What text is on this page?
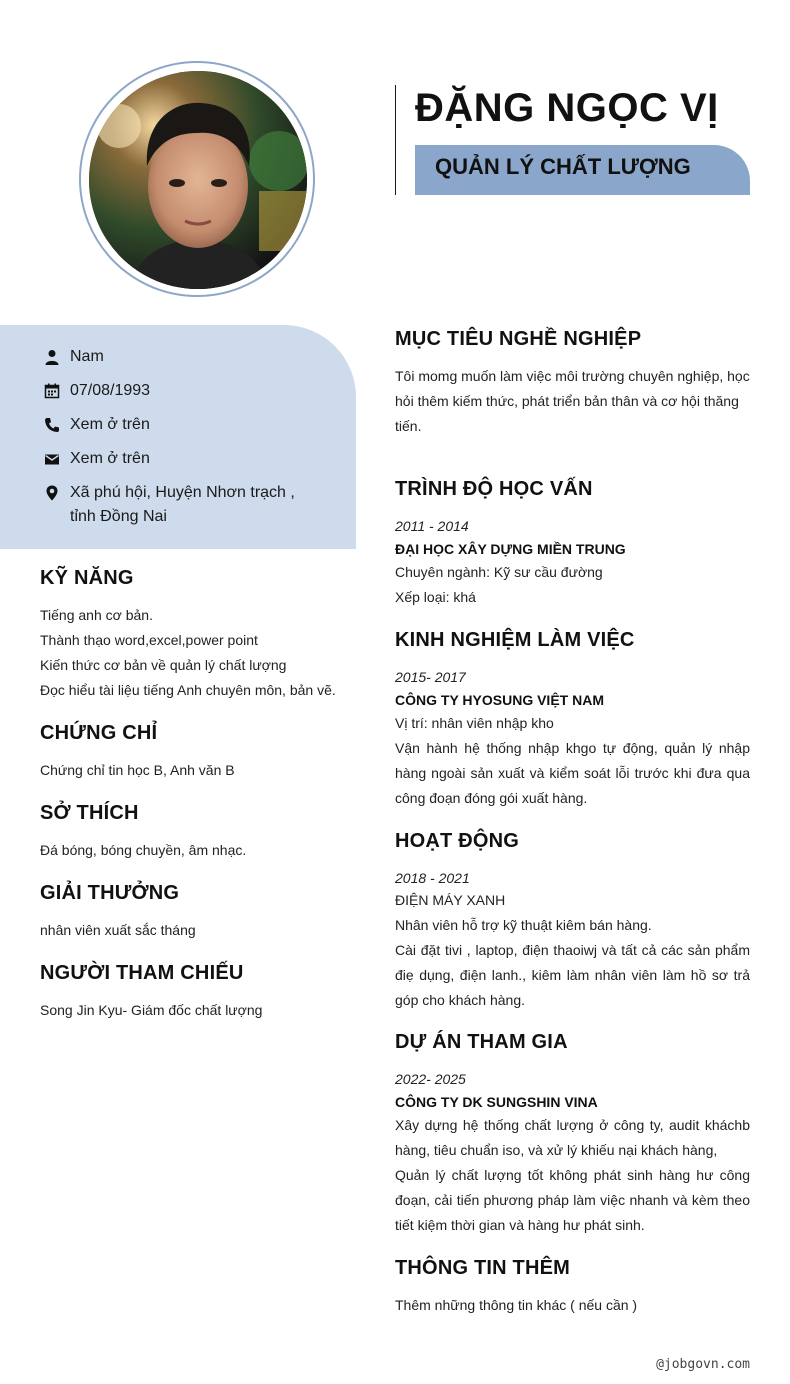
ĐẶNG NGỌC VỊ
QUẢN LÝ CHẤT LƯỢNG
Nam
07/08/1993
Xem ở trên
Xem ở trên
Xã phú hội, Huyện Nhơn trạch ,
tỉnh Đồng Nai
KỸ NĂNG
Tiếng anh cơ bản.
Thành thạo word,excel,power point
Kiến thức cơ bản về quản lý chất lượng
Đọc hiểu tài liệu tiếng Anh chuyên môn, bản vẽ.
CHỨNG CHỈ
Chứng chỉ tin học B, Anh văn B
SỞ THÍCH
Đá bóng, bóng chuyền, âm nhạc.
GIẢI THƯỞNG
nhân viên xuất sắc tháng
NGƯỜI THAM CHIẾU
Song Jin Kyu- Giám đốc chất lượng
MỤC TIÊU NGHỀ NGHIỆP
Tôi momg muốn làm việc môi trường chuyên nghiệp, học hỏi thêm kiếm thức, phát triển bản thân và cơ hội thăng tiến.
TRÌNH ĐỘ HỌC VẤN
2011 - 2014
ĐẠI HỌC XÂY DỰNG MIỀN TRUNG
Chuyên ngành: Kỹ sư cầu đường
Xếp loại: khá
KINH NGHIỆM LÀM VIỆC
2015- 2017
CÔNG TY HYOSUNG VIỆT NAM
Vị trí: nhân viên nhập kho
Vận hành hệ thống nhập khgo tự động, quản lý nhập hàng ngoài sản xuất và kiểm soát lỗi trước khi đưa qua công đoạn đóng gói xuất hàng.
HOẠT ĐỘNG
2018 - 2021
ĐIỆN MÁY XANH
Nhân viên hỗ trợ kỹ thuật kiêm bán hàng.
Cài đặt tivi , laptop, điện thaoiwj và tất cả các sản phẩm điẹ dụng, điện lanh., kiêm làm nhân viên làm hồ sơ trả góp cho khách hàng.
DỰ ÁN THAM GIA
2022- 2025
CÔNG TY DK SUNGSHIN VINA
Xây dựng hệ thống chất lượng ở công ty, audit kháchb hàng, tiêu chuẩn iso, và xử lý khiếu nại khách hàng,
Quản lý chất lượng tốt không phát sinh hàng hư công đoạn, cải tiến phương pháp làm việc nhanh và kèm theo tiết kiệm thời gian và hàng hư phát sinh.
THÔNG TIN THÊM
Thêm những thông tin khác ( nếu cần )
@jobgovn.com
